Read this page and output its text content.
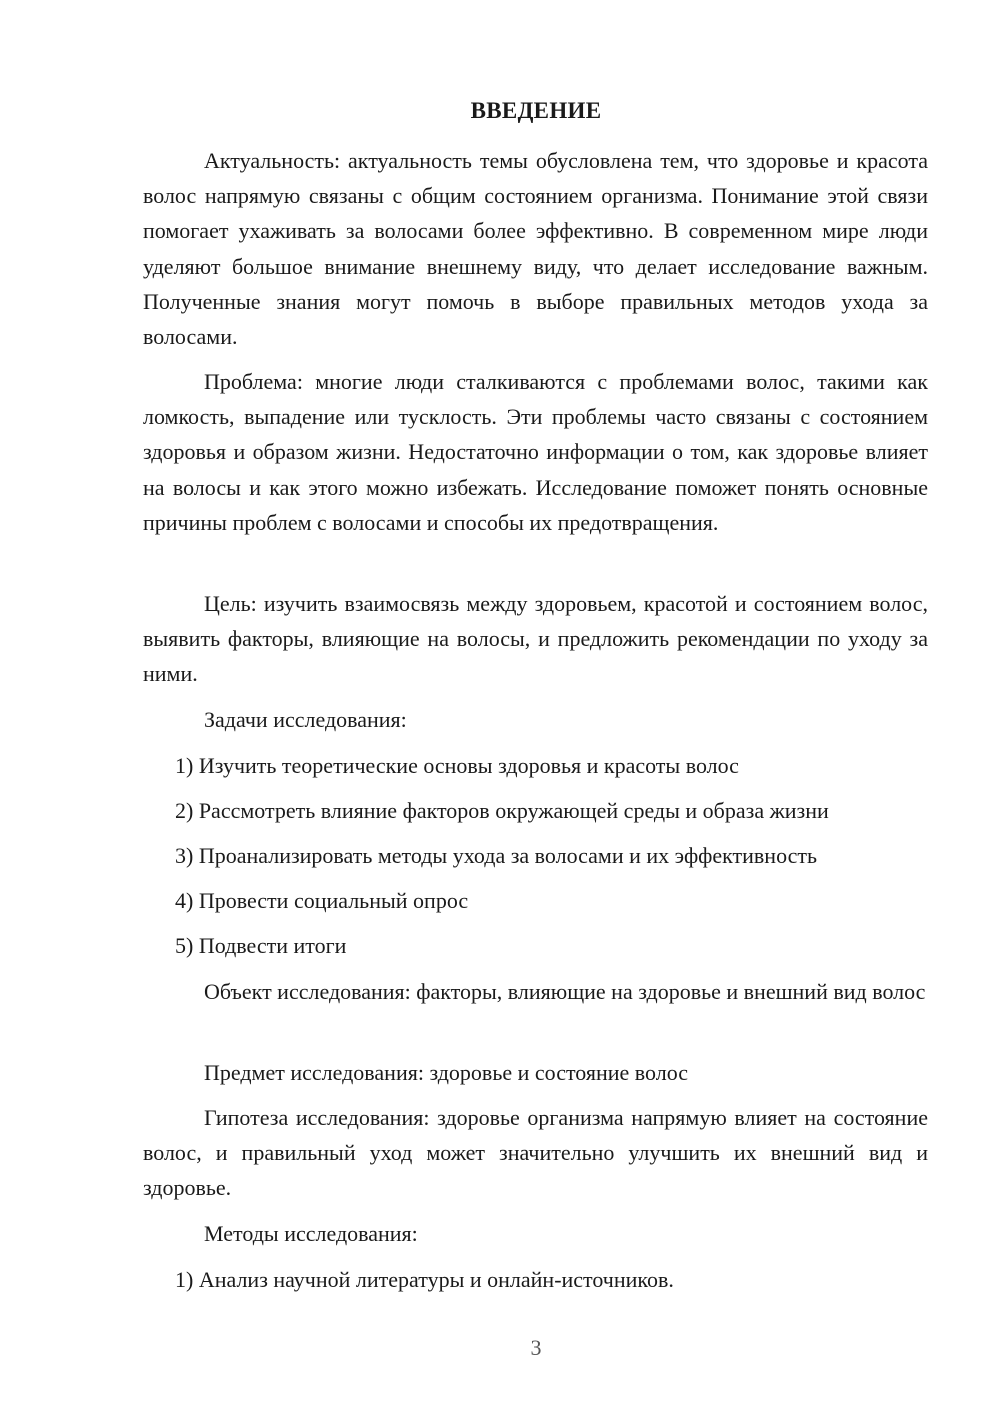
ВВЕДЕНИЕ

Актуальность: актуальность темы обусловлена тем, что здоровье и красота волос напрямую связаны с общим состоянием организма. Понимание этой связи помогает ухаживать за волосами более эффективно. В современном мире люди уделяют большое внимание внешнему виду, что делает исследование важным. Полученные знания могут помочь в выборе правильных методов ухода за волосами.

Проблема: многие люди сталкиваются с проблемами волос, такими как ломкость, выпадение или тусклость. Эти проблемы часто связаны с состоянием здоровья и образом жизни. Недостаточно информации о том, как здоровье влияет на волосы и как этого можно избежать. Исследование поможет понять основные причины проблем с волосами и способы их предотвращения.

Цель: изучить взаимосвязь между здоровьем, красотой и состоянием волос, выявить факторы, влияющие на волосы, и предложить рекомендации по уходу за ними.

Задачи исследования:

1) Изучить теоретические основы здоровья и красоты волос

2) Рассмотреть влияние факторов окружающей среды и образа жизни

3) Проанализировать методы ухода за волосами и их эффективность

4) Провести социальный опрос

5) Подвести итоги

Объект исследования: факторы, влияющие на здоровье и внешний вид волос

Предмет исследования: здоровье и состояние волос

Гипотеза исследования: здоровье организма напрямую влияет на состояние волос, и правильный уход может значительно улучшить их внешний вид и здоровье.

Методы исследования:

1) Анализ научной литературы и онлайн-источников.

3
